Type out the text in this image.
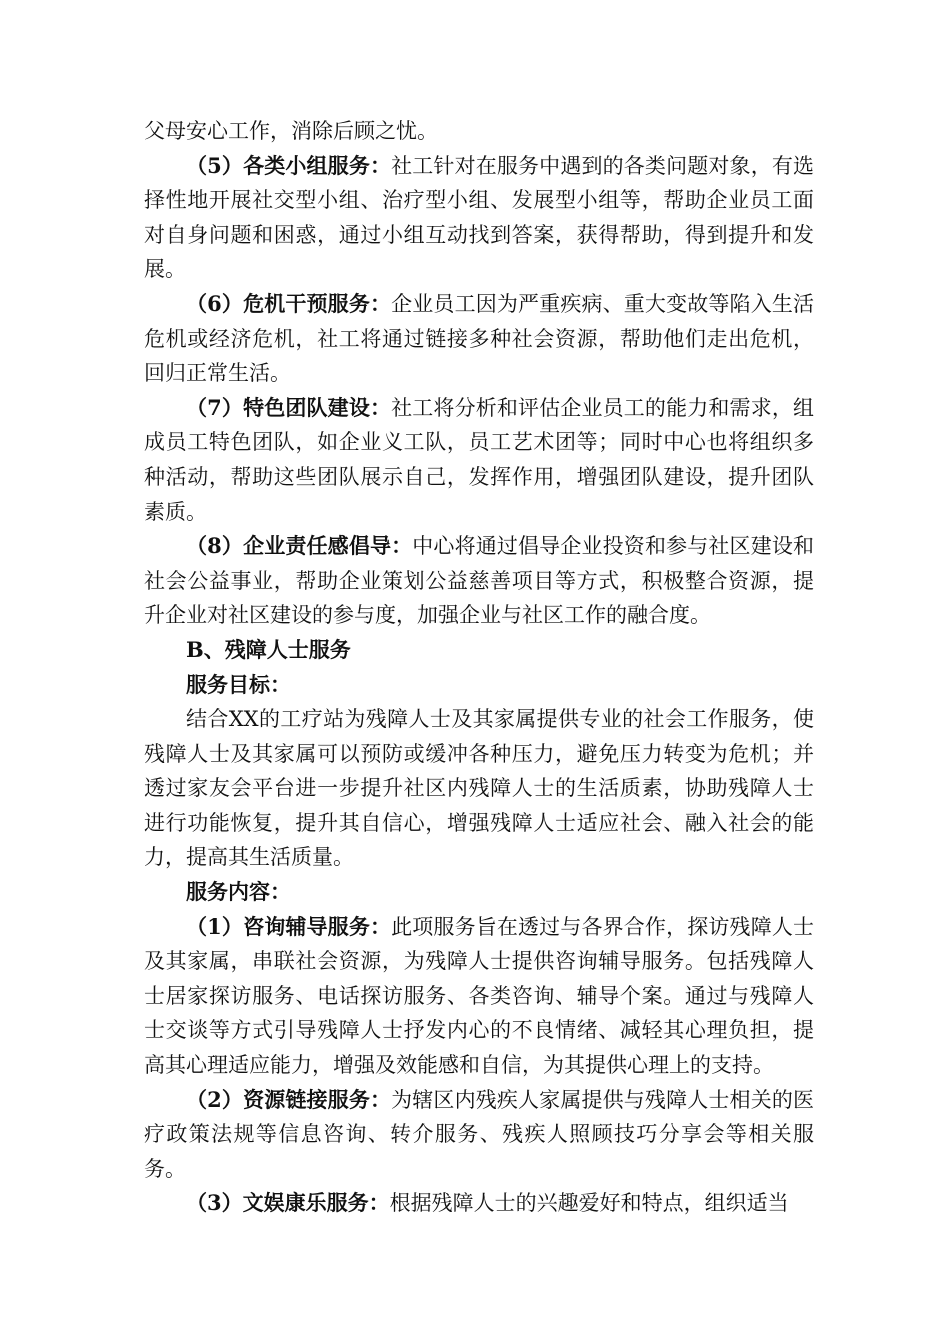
父母安心工作，消除后顾之忧。

（5）各类小组服务：社工针对在服务中遇到的各类问题对象，有选择性地开展社交型小组、治疗型小组、发展型小组等，帮助企业员工面对自身问题和困惑，通过小组互动找到答案，获得帮助，得到提升和发展。

（6）危机干预服务：企业员工因为严重疾病、重大变故等陷入生活危机或经济危机，社工将通过链接多种社会资源，帮助他们走出危机，回归正常生活。

（7）特色团队建设：社工将分析和评估企业员工的能力和需求，组成员工特色团队，如企业义工队，员工艺术团等；同时中心也将组织多种活动，帮助这些团队展示自己，发挥作用，增强团队建设，提升团队素质。

（8）企业责任感倡导：中心将通过倡导企业投资和参与社区建设和社会公益事业，帮助企业策划公益慈善项目等方式，积极整合资源，提升企业对社区建设的参与度，加强企业与社区工作的融合度。

B、残障人士服务

服务目标：

结合XX的工疗站为残障人士及其家属提供专业的社会工作服务，使残障人士及其家属可以预防或缓冲各种压力，避免压力转变为危机；并透过家友会平台进一步提升社区内残障人士的生活质素，协助残障人士进行功能恢复，提升其自信心，增强残障人士适应社会、融入社会的能力，提高其生活质量。

服务内容：

（1）咨询辅导服务：此项服务旨在透过与各界合作，探访残障人士及其家属，串联社会资源，为残障人士提供咨询辅导服务。包括残障人士居家探访服务、电话探访服务、各类咨询、辅导个案。通过与残障人士交谈等方式引导残障人士抒发内心的不良情绪、减轻其心理负担，提高其心理适应能力，增强及效能感和自信，为其提供心理上的支持。

（2）资源链接服务：为辖区内残疾人家属提供与残障人士相关的医疗政策法规等信息咨询、转介服务、残疾人照顾技巧分享会等相关服务。

（3）文娱康乐服务：根据残障人士的兴趣爱好和特点，组织适当
